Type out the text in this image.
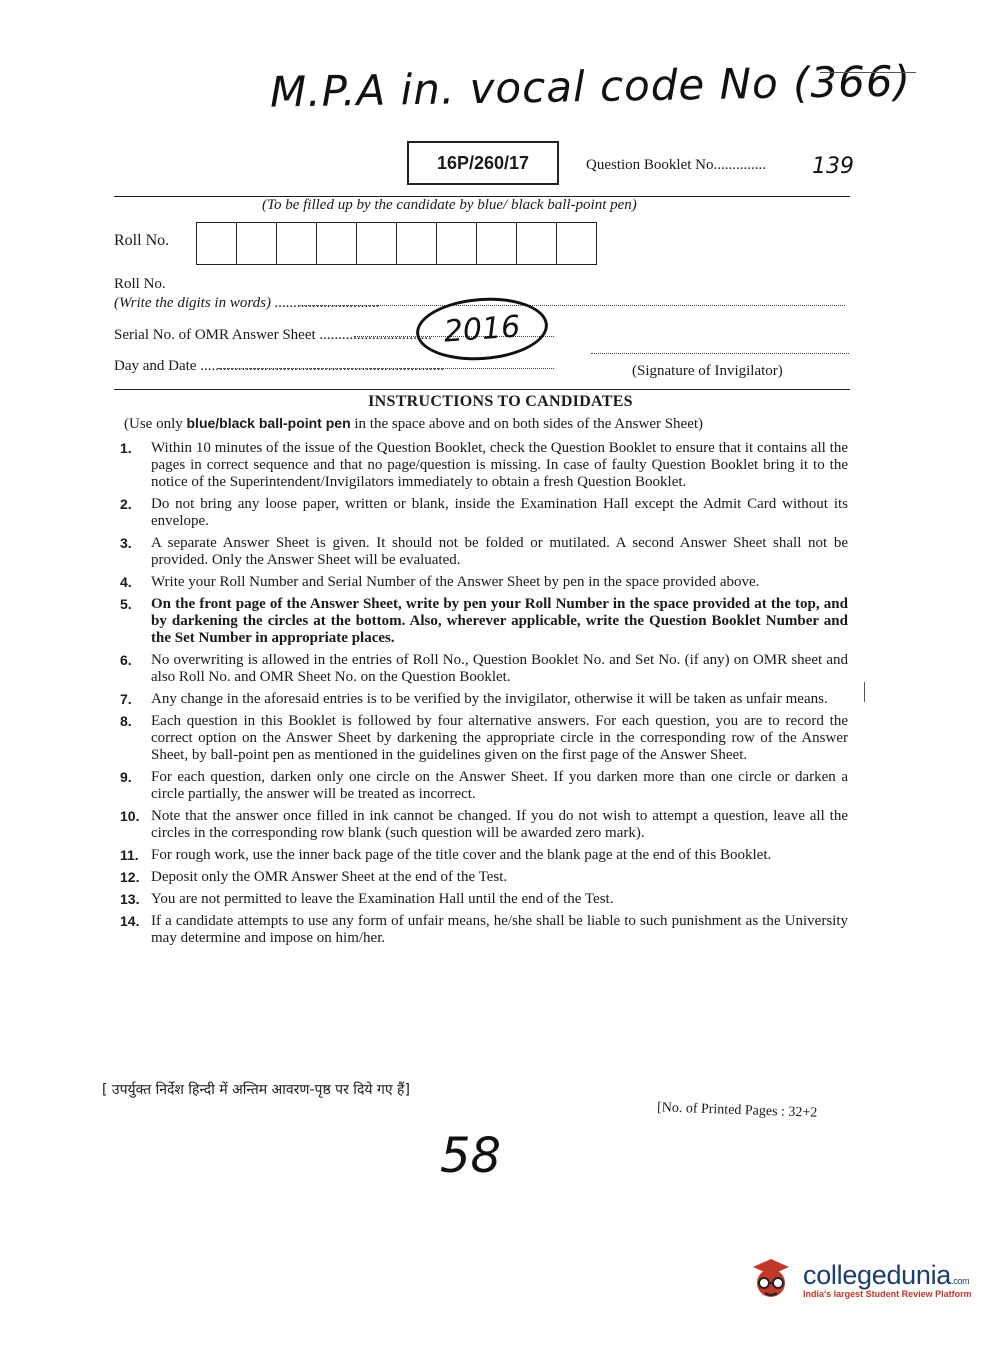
M.P.A in. vocal code No (366)
16P/260/17	Question Booklet No.............. 139
(To be filled up by the candidate by blue/ black ball-point pen)
Roll No.
Roll No.
(Write the digits in words) ............................
Serial No. of OMR Answer Sheet ..............................
Day and Date .................................................................	(Signature of Invigilator)
2016
INSTRUCTIONS TO CANDIDATES
(Use only blue/black ball-point pen in the space above and on both sides of the Answer Sheet)
1.	Within 10 minutes of the issue of the Question Booklet, check the Question Booklet to ensure that it contains all the pages in correct sequence and that no page/question is missing. In case of faulty Question Booklet bring it to the notice of the Superintendent/Invigilators immediately to obtain a fresh Question Booklet.
2.	Do not bring any loose paper, written or blank, inside the Examination Hall except the Admit Card without its envelope.
3.	A separate Answer Sheet is given. It should not be folded or mutilated. A second Answer Sheet shall not be provided. Only the Answer Sheet will be evaluated.
4.	Write your Roll Number and Serial Number of the Answer Sheet by pen in the space provided above.
5.	On the front page of the Answer Sheet, write by pen your Roll Number in the space provided at the top, and by darkening the circles at the bottom. Also, wherever applicable, write the Question Booklet Number and the Set Number in appropriate places.
6.	No overwriting is allowed in the entries of Roll No., Question Booklet No. and Set No. (if any) on OMR sheet and also Roll No. and OMR Sheet No. on the Question Booklet.
7.	Any change in the aforesaid entries is to be verified by the invigilator, otherwise it will be taken as unfair means.
8.	Each question in this Booklet is followed by four alternative answers. For each question, you are to record the correct option on the Answer Sheet by darkening the appropriate circle in the corresponding row of the Answer Sheet, by ball-point pen as mentioned in the guidelines given on the first page of the Answer Sheet.
9.	For each question, darken only one circle on the Answer Sheet. If you darken more than one circle or darken a circle partially, the answer will be treated as incorrect.
10. Note that the answer once filled in ink cannot be changed. If you do not wish to attempt a question, leave all the circles in the corresponding row blank (such question will be awarded zero mark).
11. For rough work, use the inner back page of the title cover and the blank page at the end of this Booklet.
12. Deposit only the OMR Answer Sheet at the end of the Test.
13. You are not permitted to leave the Examination Hall until the end of the Test.
14. If a candidate attempts to use any form of unfair means, he/she shall be liable to such punishment as the University may determine and impose on him/her.
[ उपर्युक्त निर्देश हिन्दी में अन्तिम आवरण-पृष्ठ पर दिये गए हैं]
[No. of Printed Pages : 32+2
58
collegedunia.com
India's largest Student Review Platform
